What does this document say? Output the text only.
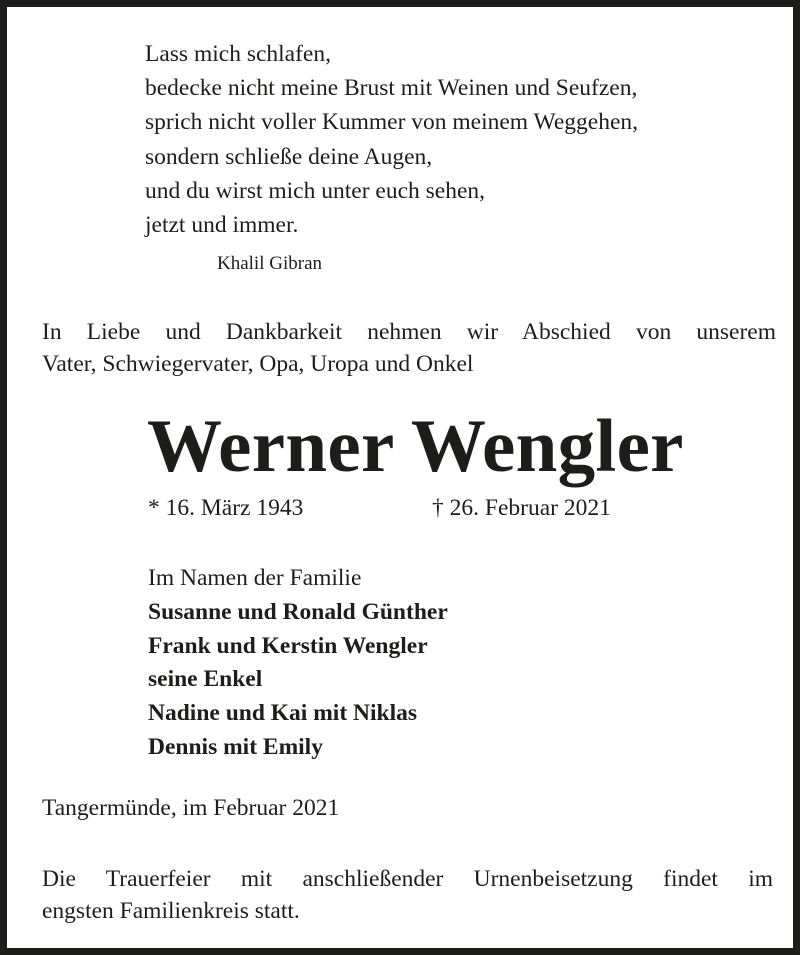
Lass mich schlafen,
bedecke nicht meine Brust mit Weinen und Seufzen,
sprich nicht voller Kummer von meinem Weggehen,
sondern schließe deine Augen,
und du wirst mich unter euch sehen,
jetzt und immer.
Khalil Gibran
In Liebe und Dankbarkeit nehmen wir Abschied von unserem
Vater, Schwiegervater, Opa, Uropa und Onkel
Werner Wengler
* 16. März 1943	† 26. Februar 2021
Im Namen der Familie
Susanne und Ronald Günther
Frank und Kerstin Wengler
seine Enkel
Nadine und Kai mit Niklas
Dennis mit Emily
Tangermünde, im Februar 2021
Die Trauerfeier mit anschließender Urnenbeisetzung findet im
engsten Familienkreis statt.
